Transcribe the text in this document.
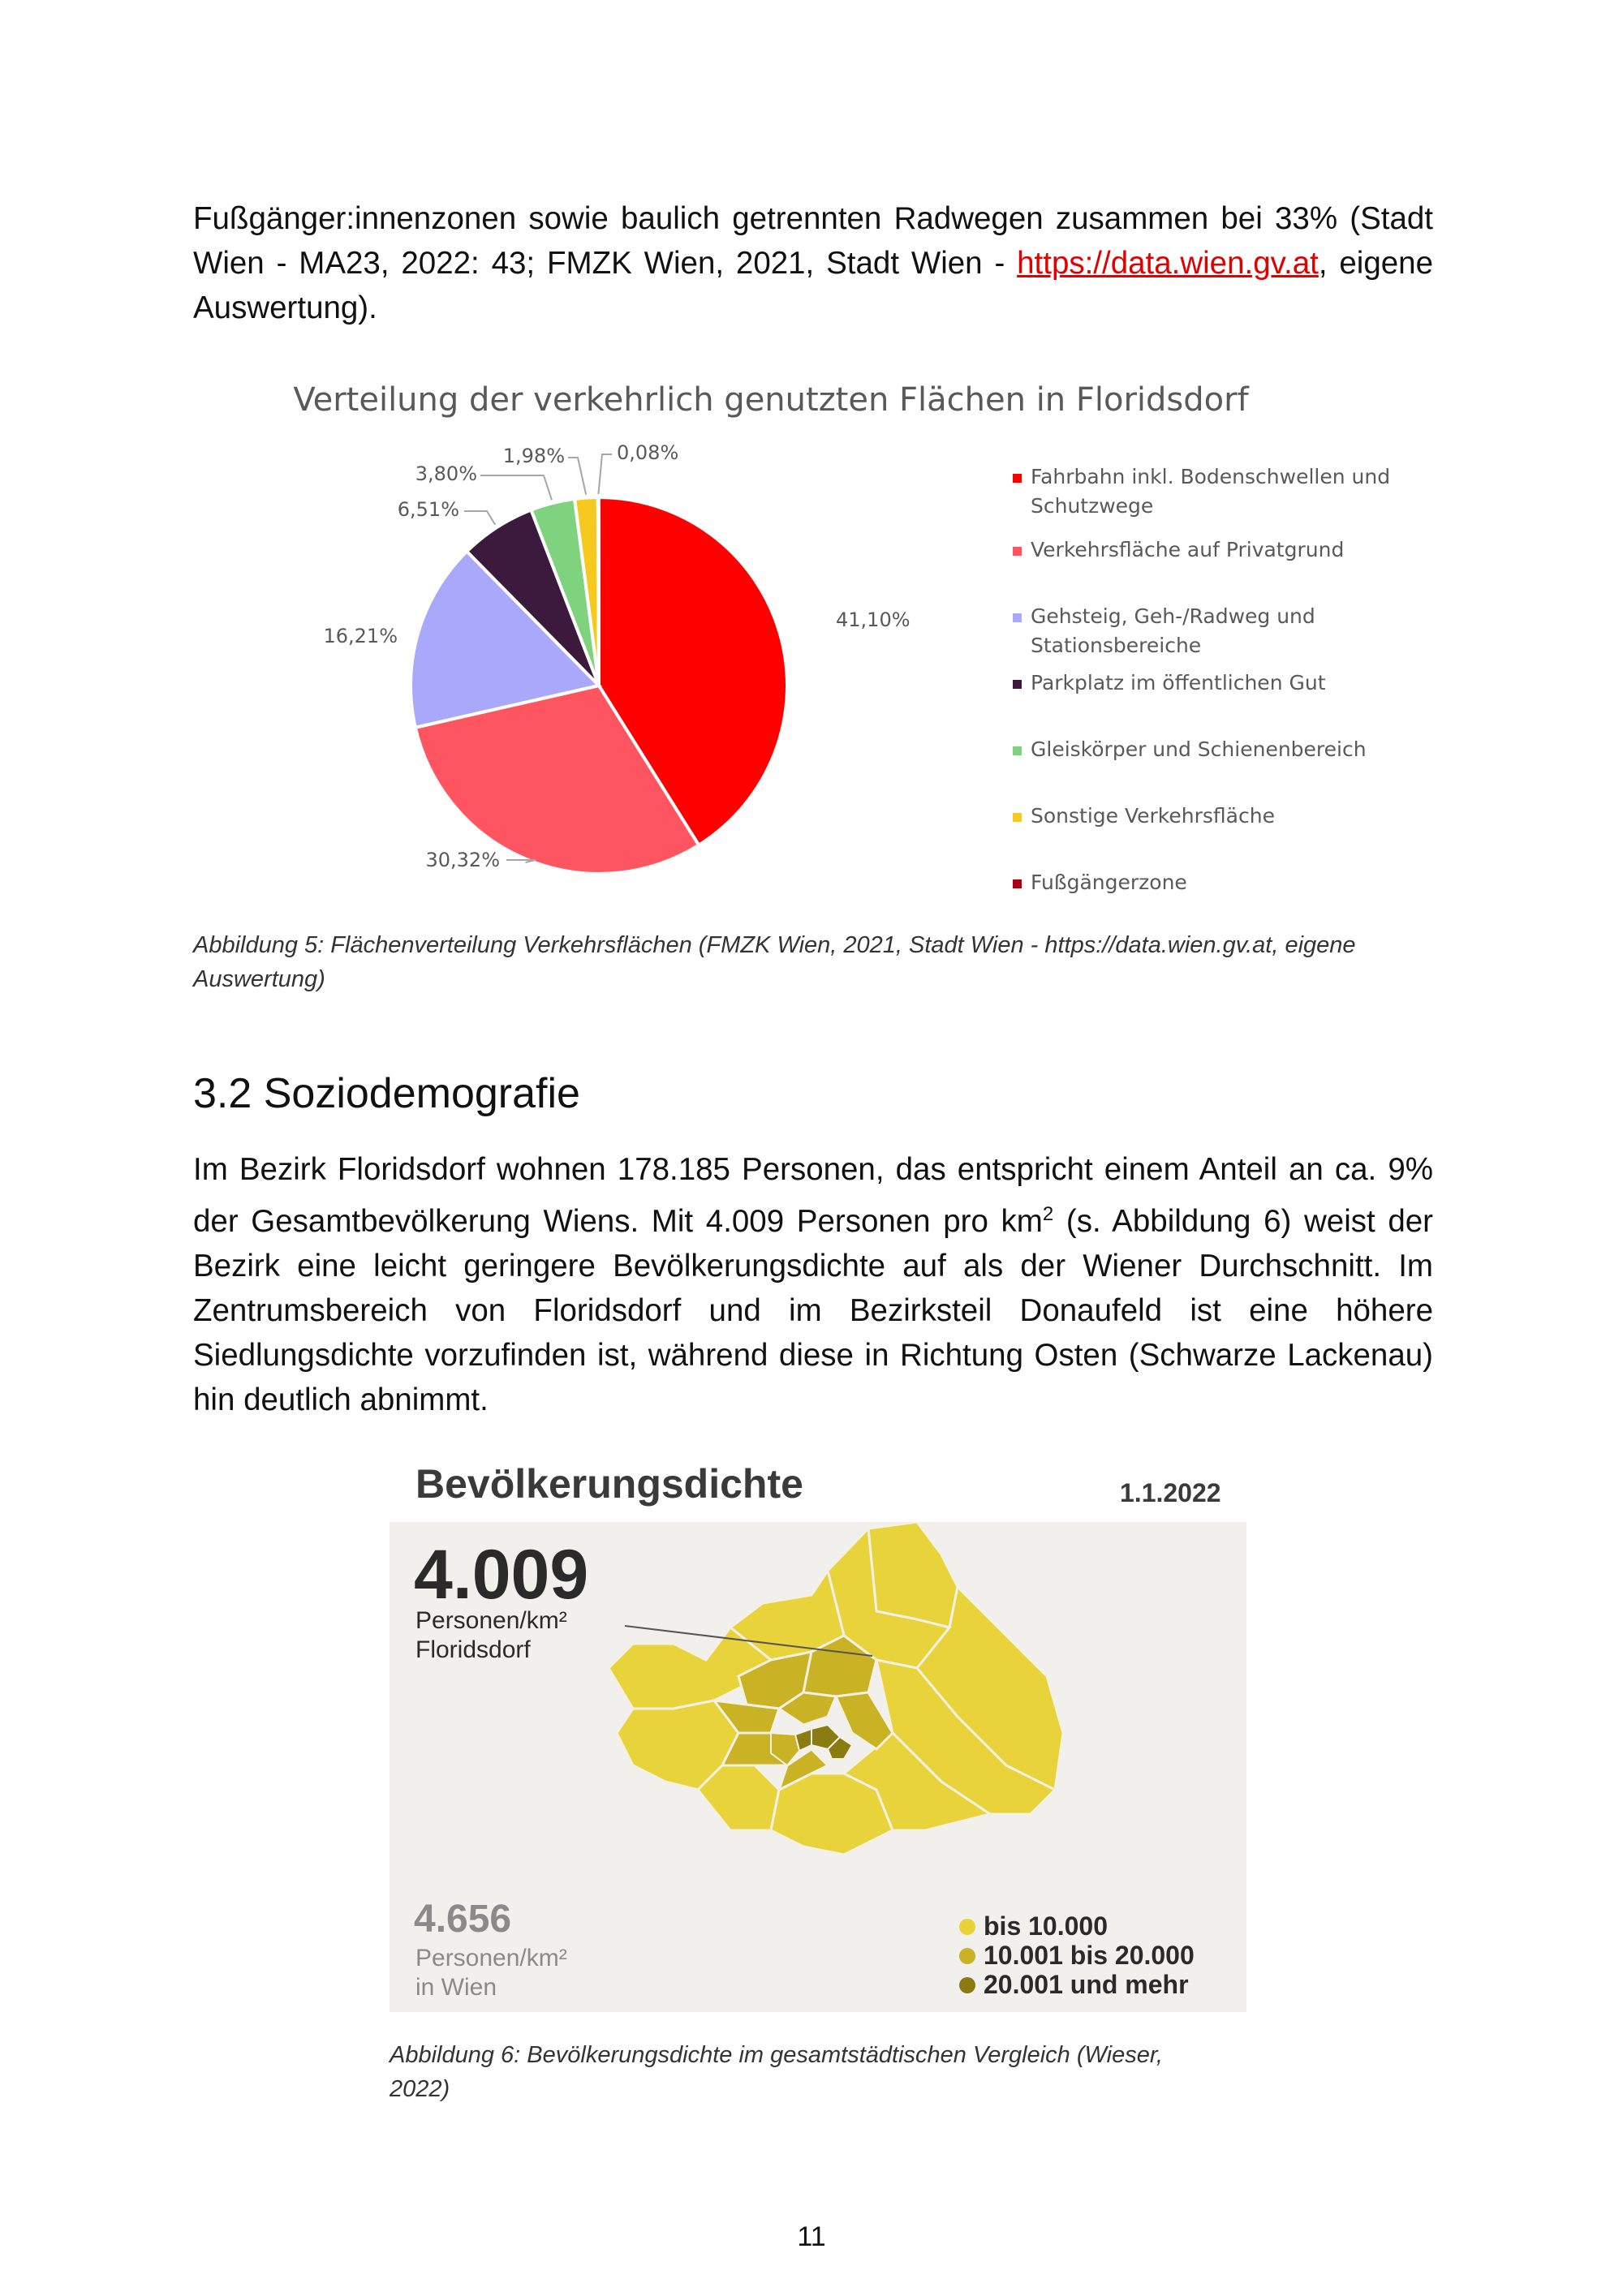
Fußgänger:innenzonen sowie baulich getrennten Radwegen zusammen bei 33% (Stadt Wien - MA23, 2022: 43; FMZK Wien, 2021, Stadt Wien - https://data.wien.gv.at, eigene Auswertung).

Verteilung der verkehrlich genutzten Flächen in Floridsdorf
41,10%
30,32%
16,21%
6,51%
3,80%
1,98%	0,08%
Fahrbahn inkl. Bodenschwellen und Schutzwege
Verkehrsfläche auf Privatgrund
Gehsteig, Geh-/Radweg und Stationsbereiche
Parkplatz im öffentlichen Gut
Gleiskörper und Schienenbereich
Sonstige Verkehrsfläche
Fußgängerzone

Abbildung 5: Flächenverteilung Verkehrsflächen (FMZK Wien, 2021, Stadt Wien - https://data.wien.gv.at, eigene Auswertung)

3.2 Soziodemografie

Im Bezirk Floridsdorf wohnen 178.185 Personen, das entspricht einem Anteil an ca. 9% der Gesamtbevölkerung Wiens. Mit 4.009 Personen pro $km^2$ (s. Abbildung 6) weist der Bezirk eine leicht geringere Bevölkerungsdichte auf als der Wiener Durchschnitt. Im Zentrumsbereich von Floridsdorf und im Bezirksteil Donaufeld ist eine höhere Siedlungsdichte vorzufinden ist, während diese in Richtung Osten (Schwarze Lackenau) hin deutlich abnimmt.

Bevölkerungsdichte	1.1.2022
4.009
Personen/km²
Floridsdorf
4.656
Personen/km²
in Wien
bis 10.000
10.001 bis 20.000
20.001 und mehr

Abbildung 6: Bevölkerungsdichte im gesamtstädtischen Vergleich (Wieser, 2022)

11
